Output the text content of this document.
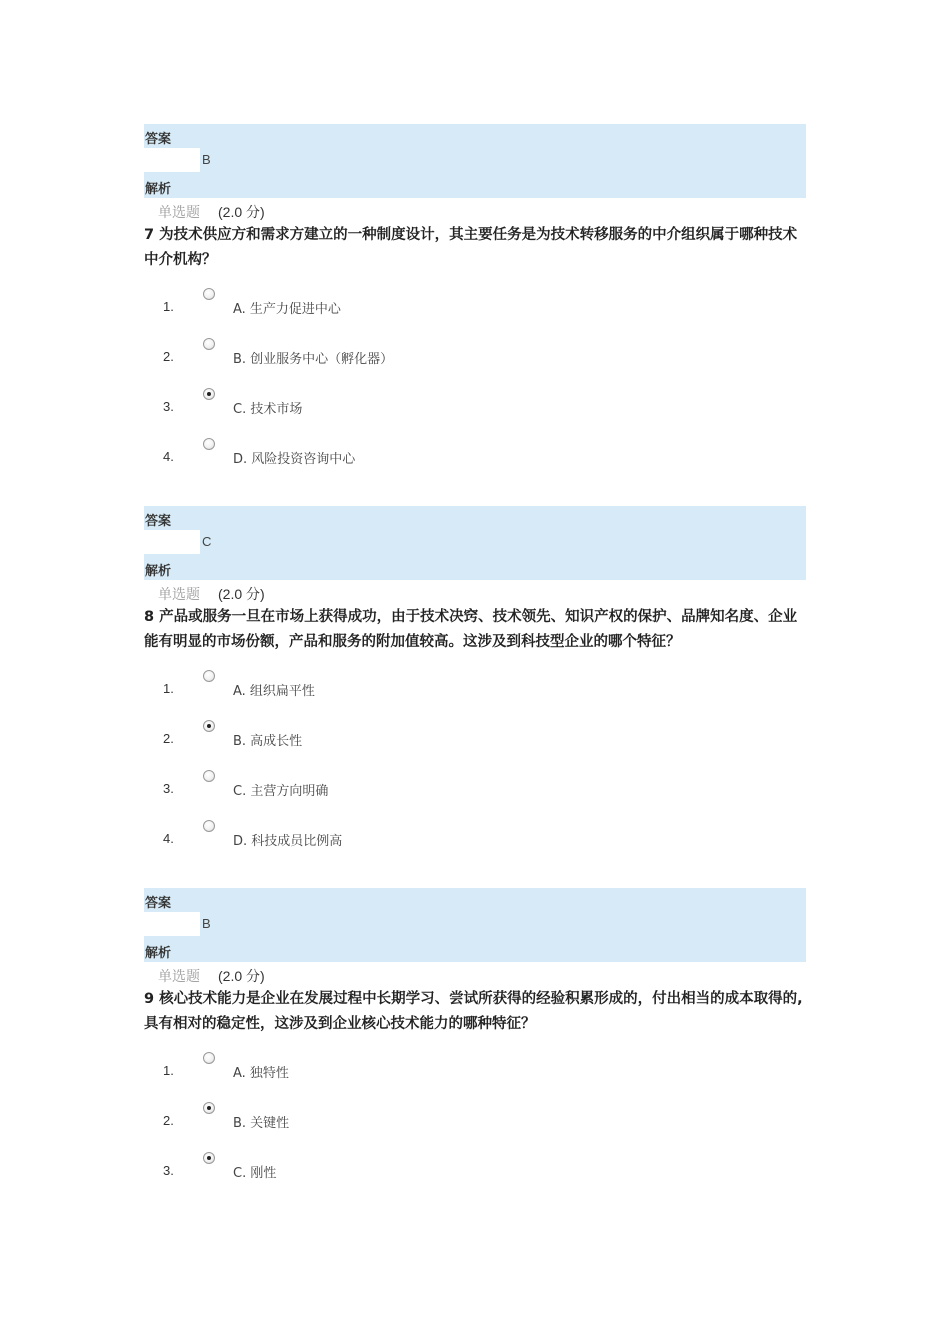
答案
B
解析
单选题 (2.0 分)
7 为技术供应方和需求方建立的一种制度设计，其主要任务是为技术转移服务的中介组织属于哪种技术中介机构？
1.	A. 生产力促进中心
2.	B. 创业服务中心（孵化器）
3.	C. 技术市场
4.	D. 风险投资咨询中心
答案
C
解析
单选题 (2.0 分)
8 产品或服务一旦在市场上获得成功，由于技术决窍、技术领先、知识产权的保护、品牌知名度、企业能有明显的市场份额，产品和服务的附加值较高。这涉及到科技型企业的哪个特征？
1.	A. 组织扁平性
2.	B. 高成长性
3.	C. 主营方向明确
4.	D. 科技成员比例高
答案
B
解析
单选题 (2.0 分)
9 核心技术能力是企业在发展过程中长期学习、尝试所获得的经验积累形成的，付出相当的成本取得的,具有相对的稳定性，这涉及到企业核心技术能力的哪种特征？
1.	A. 独特性
2.	B. 关键性
3.	C. 刚性
